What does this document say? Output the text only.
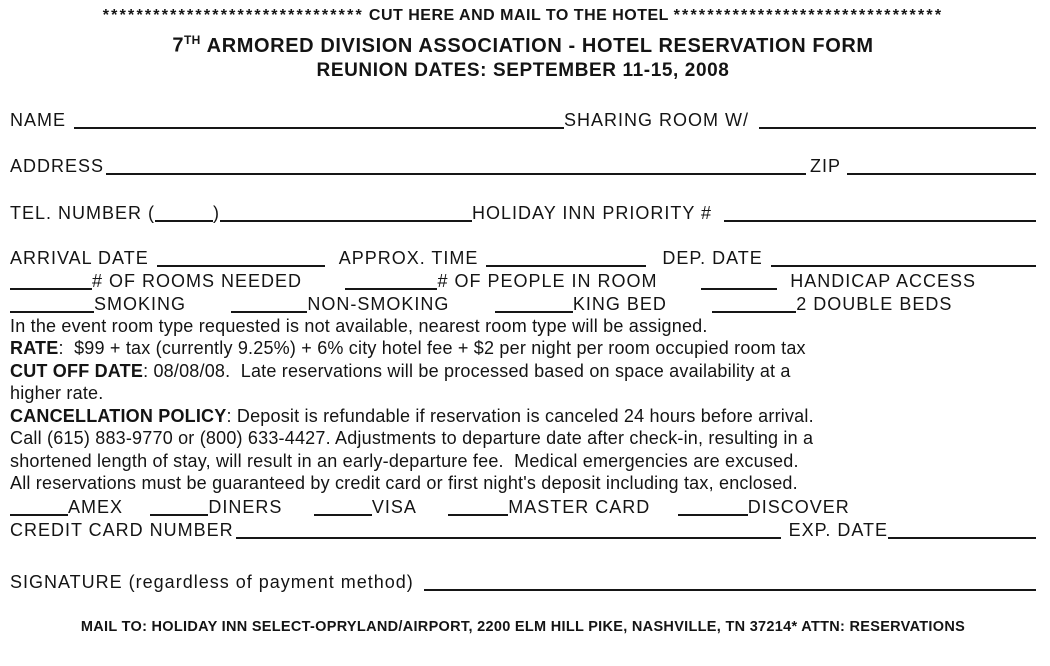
******************************* CUT HERE AND MAIL TO THE HOTEL ********************************
7TH ARMORED DIVISION ASSOCIATION - HOTEL RESERVATION FORM
REUNION DATES: SEPTEMBER 11-15, 2008
NAME	SHARING ROOM W/
ADDRESS	ZIP
TEL. NUMBER (	)	HOLIDAY INN PRIORITY #
ARRIVAL DATE	APPROX. TIME	DEP. DATE
# OF ROOMS NEEDED	# OF PEOPLE IN ROOM	HANDICAP ACCESS
SMOKING	NON-SMOKING	KING BED	2 DOUBLE BEDS
In the event room type requested is not available, nearest room type will be assigned.
RATE:  $99 + tax (currently 9.25%) + 6% city hotel fee + $2 per night per room occupied room tax
CUT OFF DATE: 08/08/08.  Late reservations will be processed based on space availability at a
higher rate.
CANCELLATION POLICY: Deposit is refundable if reservation is canceled 24 hours before arrival.
Call (615) 883-9770 or (800) 633-4427. Adjustments to departure date after check-in, resulting in a
shortened length of stay, will result in an early-departure fee.  Medical emergencies are excused.
All reservations must be guaranteed by credit card or first night's deposit including tax, enclosed.
AMEX	DINERS	VISA	MASTER CARD	DISCOVER
CREDIT CARD NUMBER	EXP. DATE
SIGNATURE (regardless of payment method)
MAIL TO: HOLIDAY INN SELECT-OPRYLAND/AIRPORT, 2200 ELM HILL PIKE, NASHVILLE, TN 37214* ATTN: RESERVATIONS
